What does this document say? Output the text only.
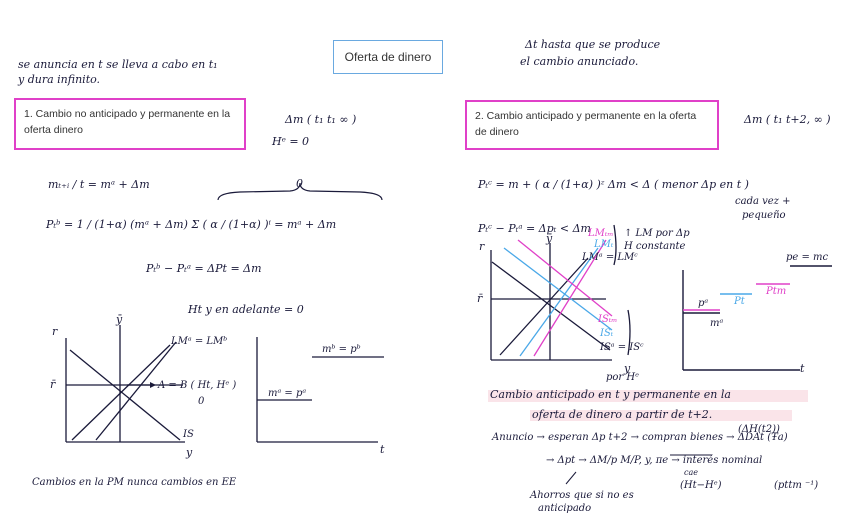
Oferta de dinero
se anuncia en t se lleva a cabo en t₁
y dura infinito.
Δt hasta que se produce
el cambio anunciado.
1. Cambio no anticipado y permanente en la oferta dinero
2. Cambio anticipado y permanente en la oferta de dinero
Δm ( t₁ t₁ ∞ )
Hᵉ = 0
mₜ₊ᵢ / t = mᵃ + Δm	0
Pₜᵇ = 1 / (1+α) (mᵃ + Δm) Σ ( α / (1+α) )ⁱ = mᵃ + Δm
Pₜᵇ − Pₜᵃ = ΔPt = Δm
Ht y en adelante = 0
r
r̄
ȳ
y
LMᵃ = LMᵇ
A = B ( Ht, Hᵉ )
0
IS
mᵇ = pᵇ
mᵃ = pᵃ
t
Cambios en la PM nunca cambios en EE
Δm ( t₁ t+2, ∞ )
Pₜᶜ = m + ( α / (1+α) )ᶻ Δm < Δ ( menor Δp en t )
cada vez +
pequeño
Pₜᶜ − Pₜᵃ = Δpₜ < Δm	↑ LM por Δp
H constante
r
r̄
ȳ
y
LMₜₘ
LMₜ
LMᵃ = LMᶜ
ISₜₘ
ISₜ
ISᵃ = ISᶜ
por Hᵉ
pe = mc
pᵃ	Pt
Ptm
mᵃ
t
Cambio anticipado en t y permanente en la
oferta de dinero a partir de t+2.
(ΔH(t2))
Anuncio → esperan Δp t+2 → compran bienes → ΔDAt (Ŧa)
→ Δpt → ΔM/p M/P, y, πe → interés nominal
cae
(Ht−Hᵉ)	(pttm ⁻¹)
Ahorros que si no es
anticipado
